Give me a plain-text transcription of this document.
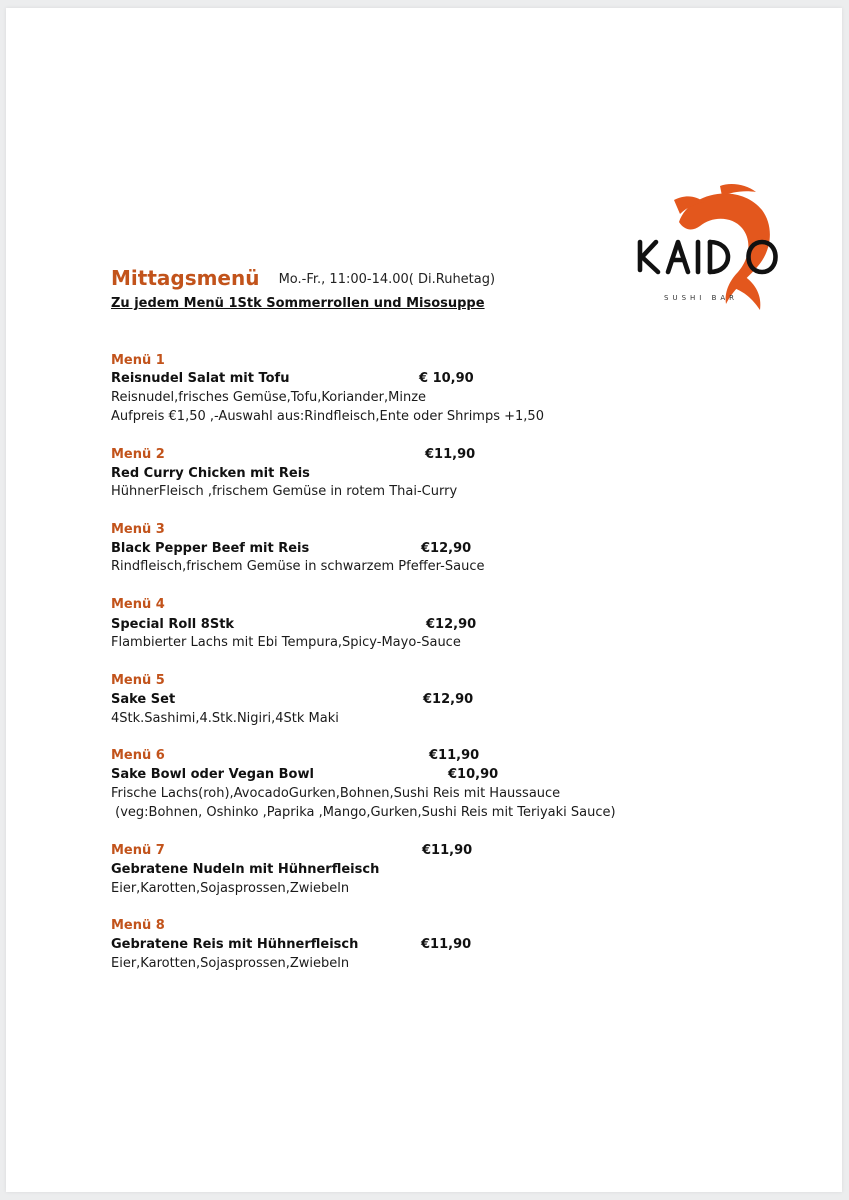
SUSHI BAR
Mittagsmenü Mo.-Fr., 11:00-14.00( Di.Ruhetag)
Zu jedem Menü 1Stk Sommerrollen und Misosuppe
Menü 1
Reisnudel Salat mit Tofu	€ 10,90
Reisnudel,frisches Gemüse,Tofu,Koriander,Minze
Aufpreis €1,50 ,-Auswahl aus:Rindfleisch,Ente oder Shrimps +1,50
Menü 2	€11,90
Red Curry Chicken mit Reis
HühnerFleisch ,frischem Gemüse in rotem Thai-Curry
Menü 3
Black Pepper Beef mit Reis	€12,90
Rindfleisch,frischem Gemüse in schwarzem Pfeffer-Sauce
Menü 4
Special Roll 8Stk	€12,90
Flambierter Lachs mit Ebi Tempura,Spicy-Mayo-Sauce
Menü 5
Sake Set	€12,90
4Stk.Sashimi,4.Stk.Nigiri,4Stk Maki
Menü 6	€11,90
Sake Bowl oder Vegan Bowl	€10,90
Frische Lachs(roh),AvocadoGurken,Bohnen,Sushi Reis mit Haussauce
(veg:Bohnen, Oshinko ,Paprika ,Mango,Gurken,Sushi Reis mit Teriyaki Sauce)
Menü 7	€11,90
Gebratene Nudeln mit Hühnerfleisch
Eier,Karotten,Sojasprossen,Zwiebeln
Menü 8
Gebratene Reis mit Hühnerfleisch	€11,90
Eier,Karotten,Sojasprossen,Zwiebeln
